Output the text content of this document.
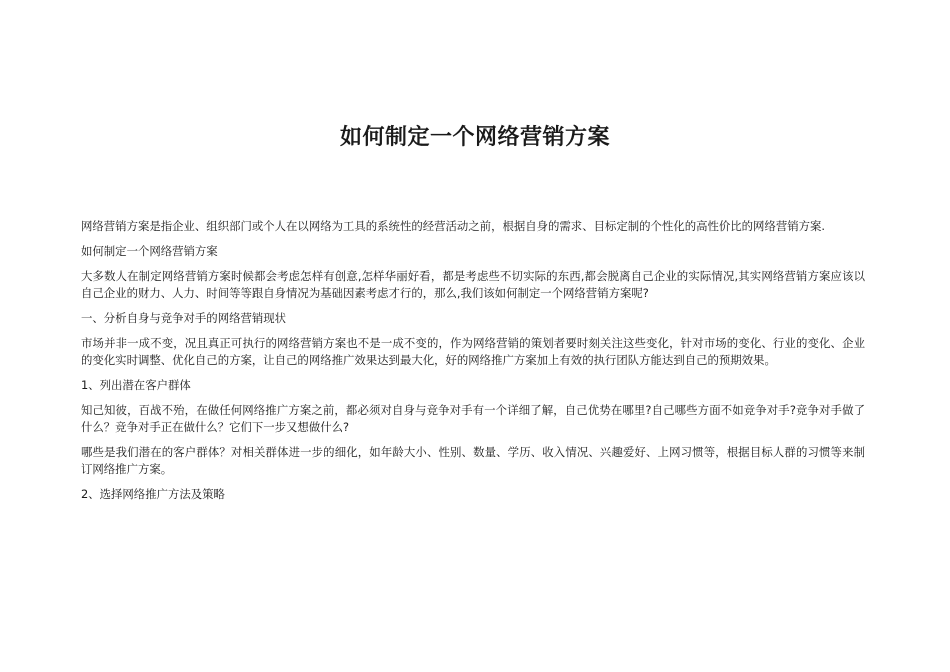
如何制定一个网络营销方案

网络营销方案是指企业、组织部门或个人在以网络为工具的系统性的经营活动之前，根据自身的需求、目标定制的个性化的高性价比的网络营销方案.

如何制定一个网络营销方案

大多数人在制定网络营销方案时候都会考虑怎样有创意,怎样华丽好看，都是考虑些不切实际的东西,都会脱离自己企业的实际情况,其实网络营销方案应该以自己企业的财力、人力、时间等等跟自身情况为基础因素考虑才行的，那么,我们该如何制定一个网络营销方案呢?

一、分析自身与竞争对手的网络营销现状

市场并非一成不变，况且真正可执行的网络营销方案也不是一成不变的，作为网络营销的策划者要时刻关注这些变化，针对市场的变化、行业的变化、企业的变化实时调整、优化自己的方案，让自己的网络推广效果达到最大化，好的网络推广方案加上有效的执行团队方能达到自己的预期效果。

1、列出潜在客户群体

知己知彼，百战不殆，在做任何网络推广方案之前，都必须对自身与竞争对手有一个详细了解，自己优势在哪里?自己哪些方面不如竞争对手?竞争对手做了什么？竞争对手正在做什么？它们下一步又想做什么?

哪些是我们潜在的客户群体？对相关群体进一步的细化，如年龄大小、性别、数量、学历、收入情况、兴趣爱好、上网习惯等，根据目标人群的习惯等来制订网络推广方案。

2、选择网络推广方法及策略
